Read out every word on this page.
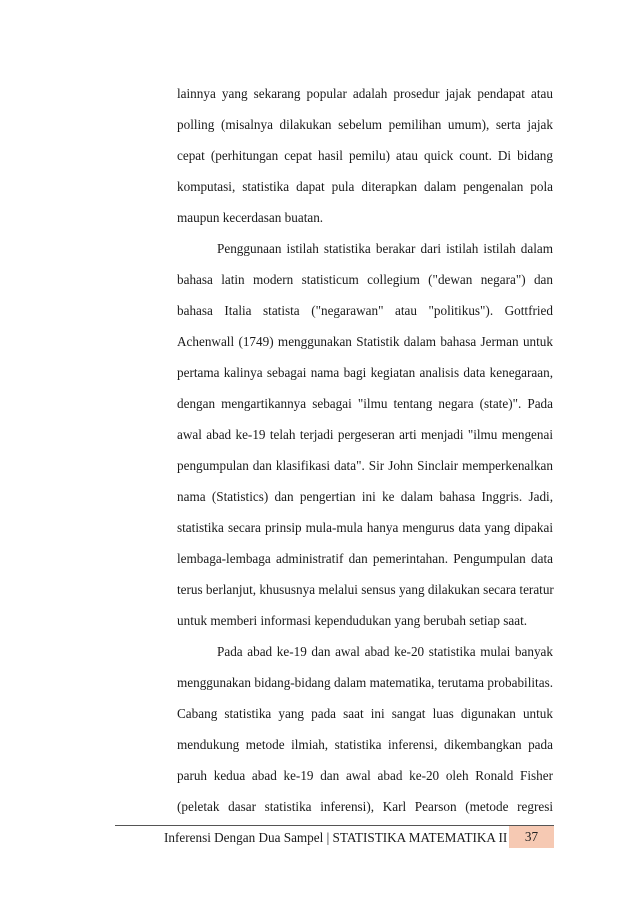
lainnya yang sekarang popular adalah prosedur jajak pendapat atau
polling (misalnya dilakukan sebelum pemilihan umum), serta jajak
cepat (perhitungan cepat hasil pemilu) atau quick count. Di bidang
komputasi, statistika dapat pula diterapkan dalam pengenalan pola
maupun kecerdasan buatan.
Penggunaan istilah statistika berakar dari istilah istilah dalam
bahasa latin modern statisticum collegium ("dewan negara") dan
bahasa Italia statista ("negarawan" atau "politikus"). Gottfried
Achenwall (1749) menggunakan Statistik dalam bahasa Jerman untuk
pertama kalinya sebagai nama bagi kegiatan analisis data kenegaraan,
dengan mengartikannya sebagai "ilmu tentang negara (state)". Pada
awal abad ke-19 telah terjadi pergeseran arti menjadi "ilmu mengenai
pengumpulan dan klasifikasi data". Sir John Sinclair memperkenalkan
nama (Statistics) dan pengertian ini ke dalam bahasa Inggris. Jadi,
statistika secara prinsip mula-mula hanya mengurus data yang dipakai
lembaga-lembaga administratif dan pemerintahan. Pengumpulan data
terus berlanjut, khususnya melalui sensus yang dilakukan secara teratur
untuk memberi informasi kependudukan yang berubah setiap saat.
Pada abad ke-19 dan awal abad ke-20 statistika mulai banyak
menggunakan bidang-bidang dalam matematika, terutama probabilitas.
Cabang statistika yang pada saat ini sangat luas digunakan untuk
mendukung metode ilmiah, statistika inferensi, dikembangkan pada
paruh kedua abad ke-19 dan awal abad ke-20 oleh Ronald Fisher
(peletak dasar statistika inferensi), Karl Pearson (metode regresi
Inferensi Dengan Dua Sampel | STATISTIKA MATEMATIKA II	37
